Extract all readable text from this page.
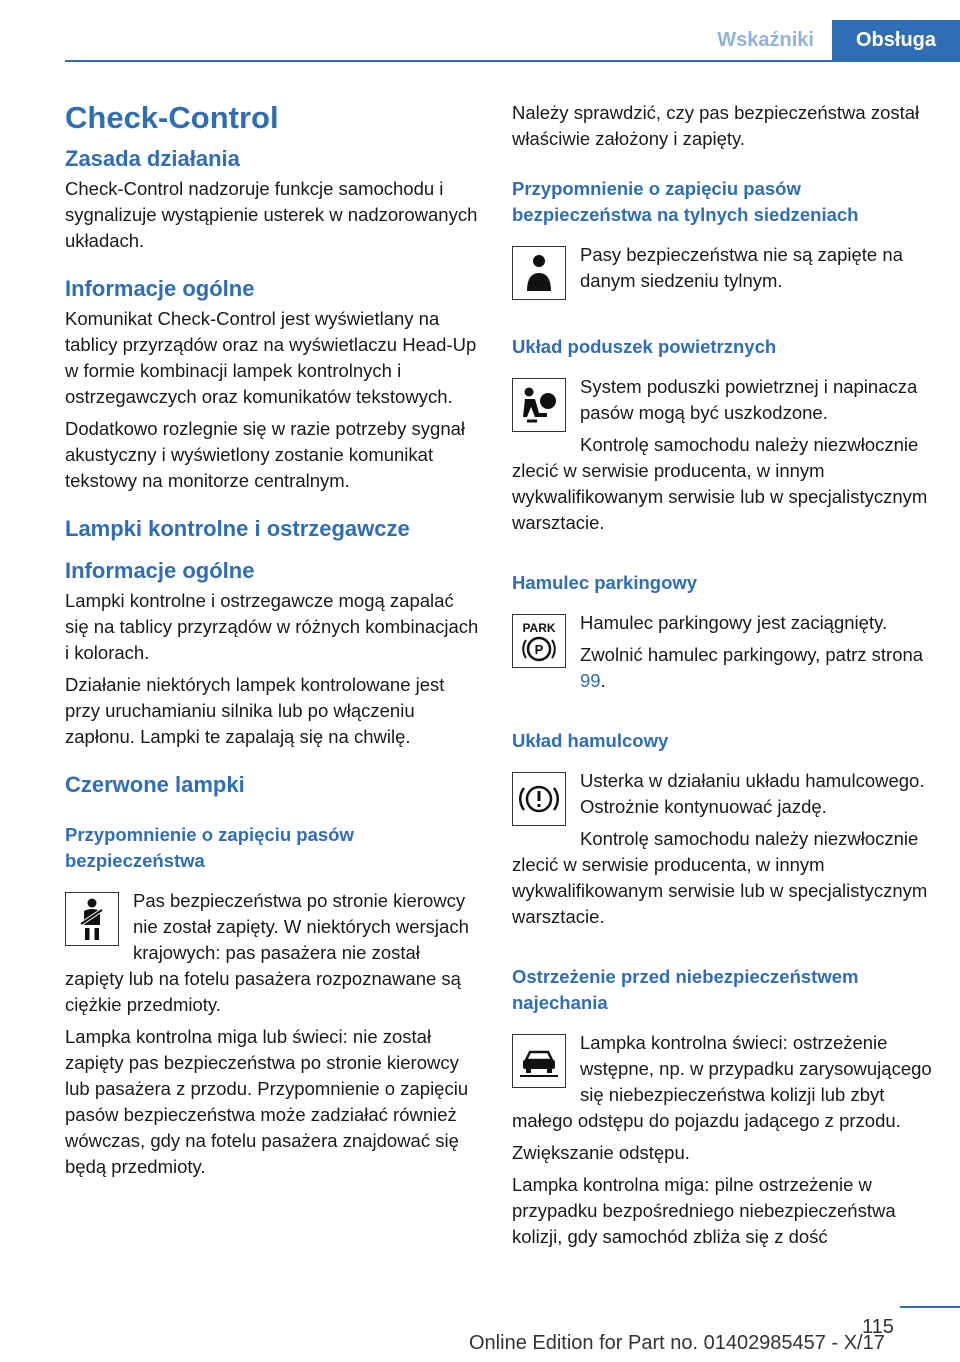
Wskaźniki	Obsługa
Check-Control
Zasada działania

Check-Control nadzoruje funkcje samochodu i sygnalizuje wystąpienie usterek w nadzorowanych układach.

Informacje ogólne

Komunikat Check-Control jest wyświetlany na tablicy przyrządów oraz na wyświetlaczu Head-Up w formie kombinacji lampek kontrolnych i ostrzegawczych oraz komunikatów tekstowych.

Dodatkowo rozlegnie się w razie potrzeby sygnał akustyczny i wyświetlony zostanie komunikat tekstowy na monitorze centralnym.

Lampki kontrolne i ostrzegawcze
Informacje ogólne

Lampki kontrolne i ostrzegawcze mogą zapalać się na tablicy przyrządów w różnych kombinacjach i kolorach.

Działanie niektórych lampek kontrolowane jest przy uruchamianiu silnika lub po włączeniu zapłonu. Lampki te zapalają się na chwilę.

Czerwone lampki
Przypomnienie o zapięciu pasów bezpieczeństwa

Pas bezpieczeństwa po stronie kierowcy nie został zapięty. W niektórych wersjach krajowych: pas pasażera nie został zapięty lub na fotelu pasażera rozpoznawane są ciężkie przedmioty.

Lampka kontrolna miga lub świeci: nie został zapięty pas bezpieczeństwa po stronie kierowcy lub pasażera z przodu. Przypomnienie o zapięciu pasów bezpieczeństwa może zadziałać również wówczas, gdy na fotelu pasażera znajdować się będą przedmioty.

Należy sprawdzić, czy pas bezpieczeństwa został właściwie założony i zapięty.

Przypomnienie o zapięciu pasów bezpieczeństwa na tylnych siedzeniach

Pasy bezpieczeństwa nie są zapięte na danym siedzeniu tylnym.

Układ poduszek powietrznych

System poduszki powietrznej i napinacza pasów mogą być uszkodzone.

Kontrolę samochodu należy niezwłocznie zlecić w serwisie producenta, w innym wykwalifikowanym serwisie lub w specjalistycznym warsztacie.

Hamulec parkingowy
PARK
P

Hamulec parkingowy jest zaciągnięty.

Zwolnić hamulec parkingowy, patrz strona 99.

Układ hamulcowy

Usterka w działaniu układu hamulcowego. Ostrożnie kontynuować jazdę.

Kontrolę samochodu należy niezwłocznie zlecić w serwisie producenta, w innym wykwalifikowanym serwisie lub w specjalistycznym warsztacie.

Ostrzeżenie przed niebezpieczeństwem najechania

Lampka kontrolna świeci: ostrzeżenie wstępne, np. w przypadku zarysowującego się niebezpieczeństwa kolizji lub zbyt małego odstępu do pojazdu jadącego z przodu.

Zwiększanie odstępu.

Lampka kontrolna miga: pilne ostrzeżenie w przypadku bezpośredniego niebezpieczeństwa kolizji, gdy samochód zbliża się z dość

115
Online Edition for Part no. 01402985457 - X/17
